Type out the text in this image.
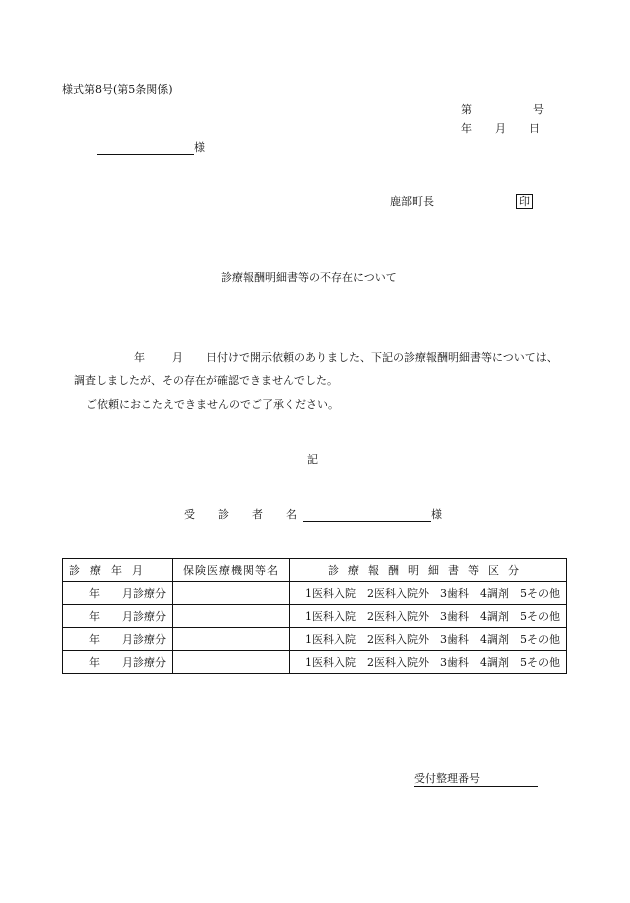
様式第8号(第5条関係)
第	号
年 月 日
様
鹿部町長	印
診療報酬明細書等の不存在について
年 月 日付けで開示依頼のありました、下記の診療報酬明細書等については、
調査しましたが、その存在が確認できませんでした。
ご依頼におこたえできませんのでご了承ください。
記
受　診　者　名	様
診療年月	保険医療機関等名	診療報酬明細書等区分
年　　月診療分		1医科入院　2医科入院外　3歯科　4調剤　5その他
年　　月診療分		1医科入院　2医科入院外　3歯科　4調剤　5その他
年　　月診療分		1医科入院　2医科入院外　3歯科　4調剤　5その他
年　　月診療分		1医科入院　2医科入院外　3歯科　4調剤　5その他
受付整理番号
